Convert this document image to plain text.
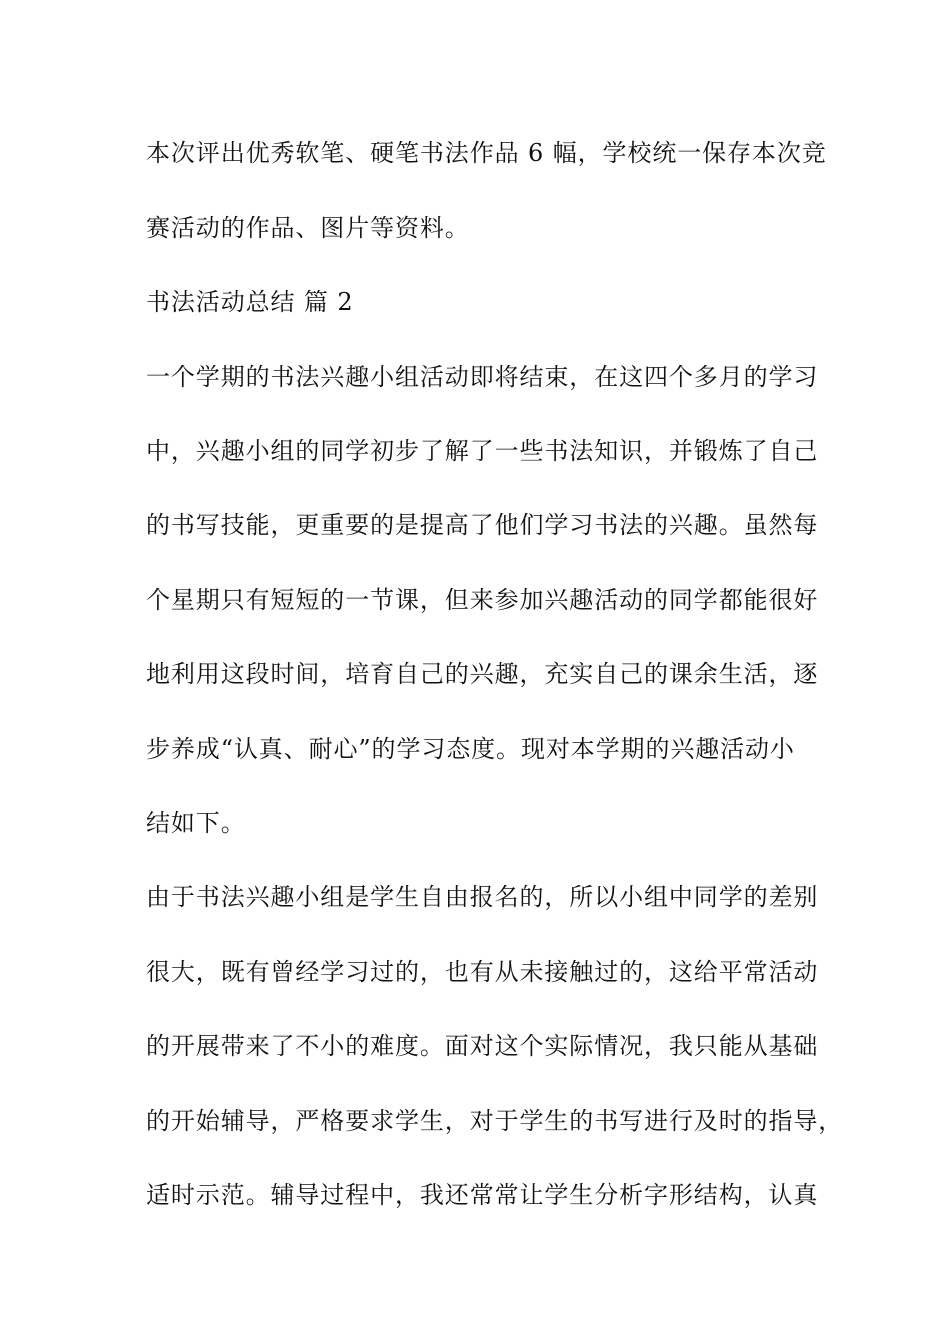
本次评出优秀软笔、硬笔书法作品 6 幅，学校统一保存本次竞
赛活动的作品、图片等资料。
书法活动总结 篇 2
一个学期的书法兴趣小组活动即将结束，在这四个多月的学习
中，兴趣小组的同学初步了解了一些书法知识，并锻炼了自己
的书写技能，更重要的是提高了他们学习书法的兴趣。虽然每
个星期只有短短的一节课，但来参加兴趣活动的同学都能很好
地利用这段时间，培育自己的兴趣，充实自己的课余生活，逐
步养成“认真、耐心”的学习态度。现对本学期的兴趣活动小
结如下。
由于书法兴趣小组是学生自由报名的，所以小组中同学的差别
很大，既有曾经学习过的，也有从未接触过的，这给平常活动
的开展带来了不小的难度。面对这个实际情况，我只能从基础
的开始辅导，严格要求学生，对于学生的书写进行及时的指导，
适时示范。辅导过程中，我还常常让学生分析字形结构，认真
